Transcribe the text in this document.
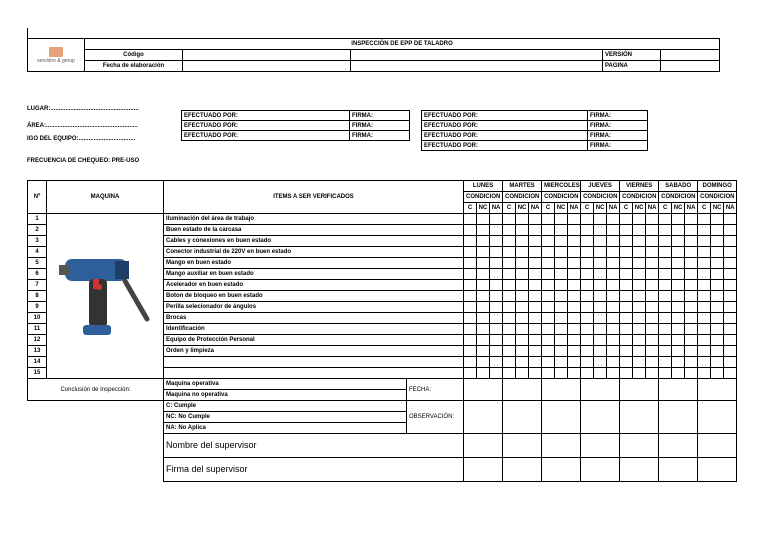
servisho & group	INSPECCIÓN DE EPP DE TALADRO				
	Código			VERSIÓN	
	Fecha de elaboración			PAGINA	
LUGAR:.....................................................
ÁREA:.......................................................
IGO DEL EQUIPO:..................................
FRECUENCIA DE CHEQUEO: PRE-USO
EFECTUADO POR:	FIRMA:
EFECTUADO POR:	FIRMA:
EFECTUADO POR:	FIRMA:
EFECTUADO POR:	FIRMA:
EFECTUADO POR:	FIRMA:
EFECTUADO POR:	FIRMA:
EFECTUADO POR:	FIRMA:
Nº	MAQUINA	ITEMS A SER VERIFICADOS		LUNES			MARTES			MIERCOLES			JUEVES			VIERNES			SABADO			DOMINGO		
				CONDICION			CONDICION			CONDICION			CONDICION			CONDICION			CONDICION			CONDICION		
				C	NC	NA	C	NC	NA	C	NC	NA	C	NC	NA	C	NC	NA	C	NC	NA	C	NC	NA
1		Iluminación del área de trabajo																						
2		Buen estado de la carcasa																						
3		Cables y conexiones en buen estado																						
4		Conector industrial de 220V en buen estado																						
5		Mango en buen estado																						
6		Mango auxiliar en buen estado																						
7		Acelerador en buen estado																						
8		Boton de bloqueo en buen estado																						
9		Perilla selecionador de ángulos																						
10		Brocas																						
11		Identificación																						
12		Equipo de Protección Personal																						
13		Orden y limpieza																						
14																								
15																								
Conclusión de Inspección:		Maquina operativa	FECHA:																					
		Maquina no operativa																						
		C: Cumple	OBSERVACIÓN:																					
		NC: No Cumple																						
		NA: No Aplica																						
		Nombre del supervisor																						
		Firma del supervisor																						
